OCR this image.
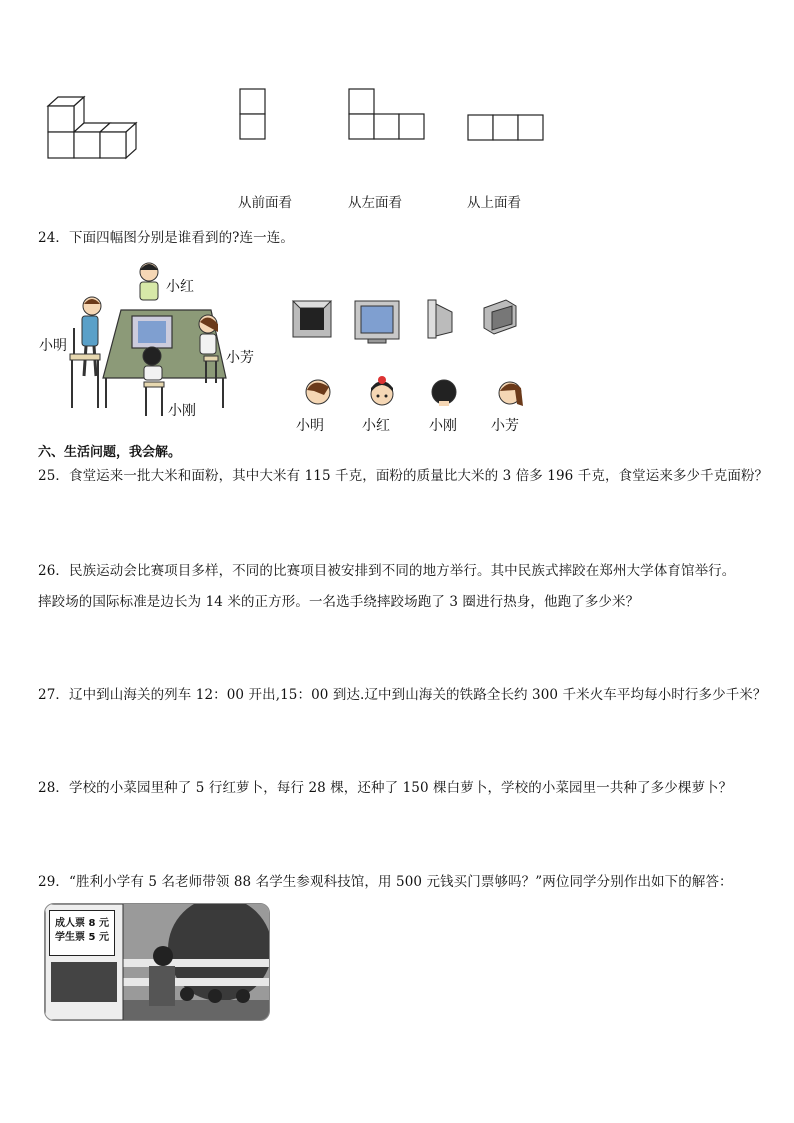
从前面看	从左面看	从上面看
24．下面四幅图分别是谁看到的?连一连。
小红
小明
小芳
小刚
小明	小红	小刚 小芳
六、生活问题，我会解。
25．食堂运来一批大米和面粉，其中大米有 115 千克，面粉的质量比大米的 3 倍多 196 千克，食堂运来多少千克面粉？
26．民族运动会比赛项目多样，不同的比赛项目被安排到不同的地方举行。其中民族式摔跤在郑州大学体育馆举行。
摔跤场的国际标准是边长为 14 米的正方形。一名选手绕摔跤场跑了 3 圈进行热身，他跑了多少米？
27．辽中到山海关的列车 12：00 开出,15：00 到达.辽中到山海关的铁路全长约 300 千米火车平均每小时行多少千米？
28．学校的小菜园里种了 5 行红萝卜，每行 28 棵，还种了 150 棵白萝卜，学校的小菜园里一共种了多少棵萝卜？
29．“胜利小学有 5 名老师带领 88 名学生参观科技馆，用 500 元钱买门票够吗？”两位同学分别作出如下的解答：
成人票 8 元
学生票 5 元
